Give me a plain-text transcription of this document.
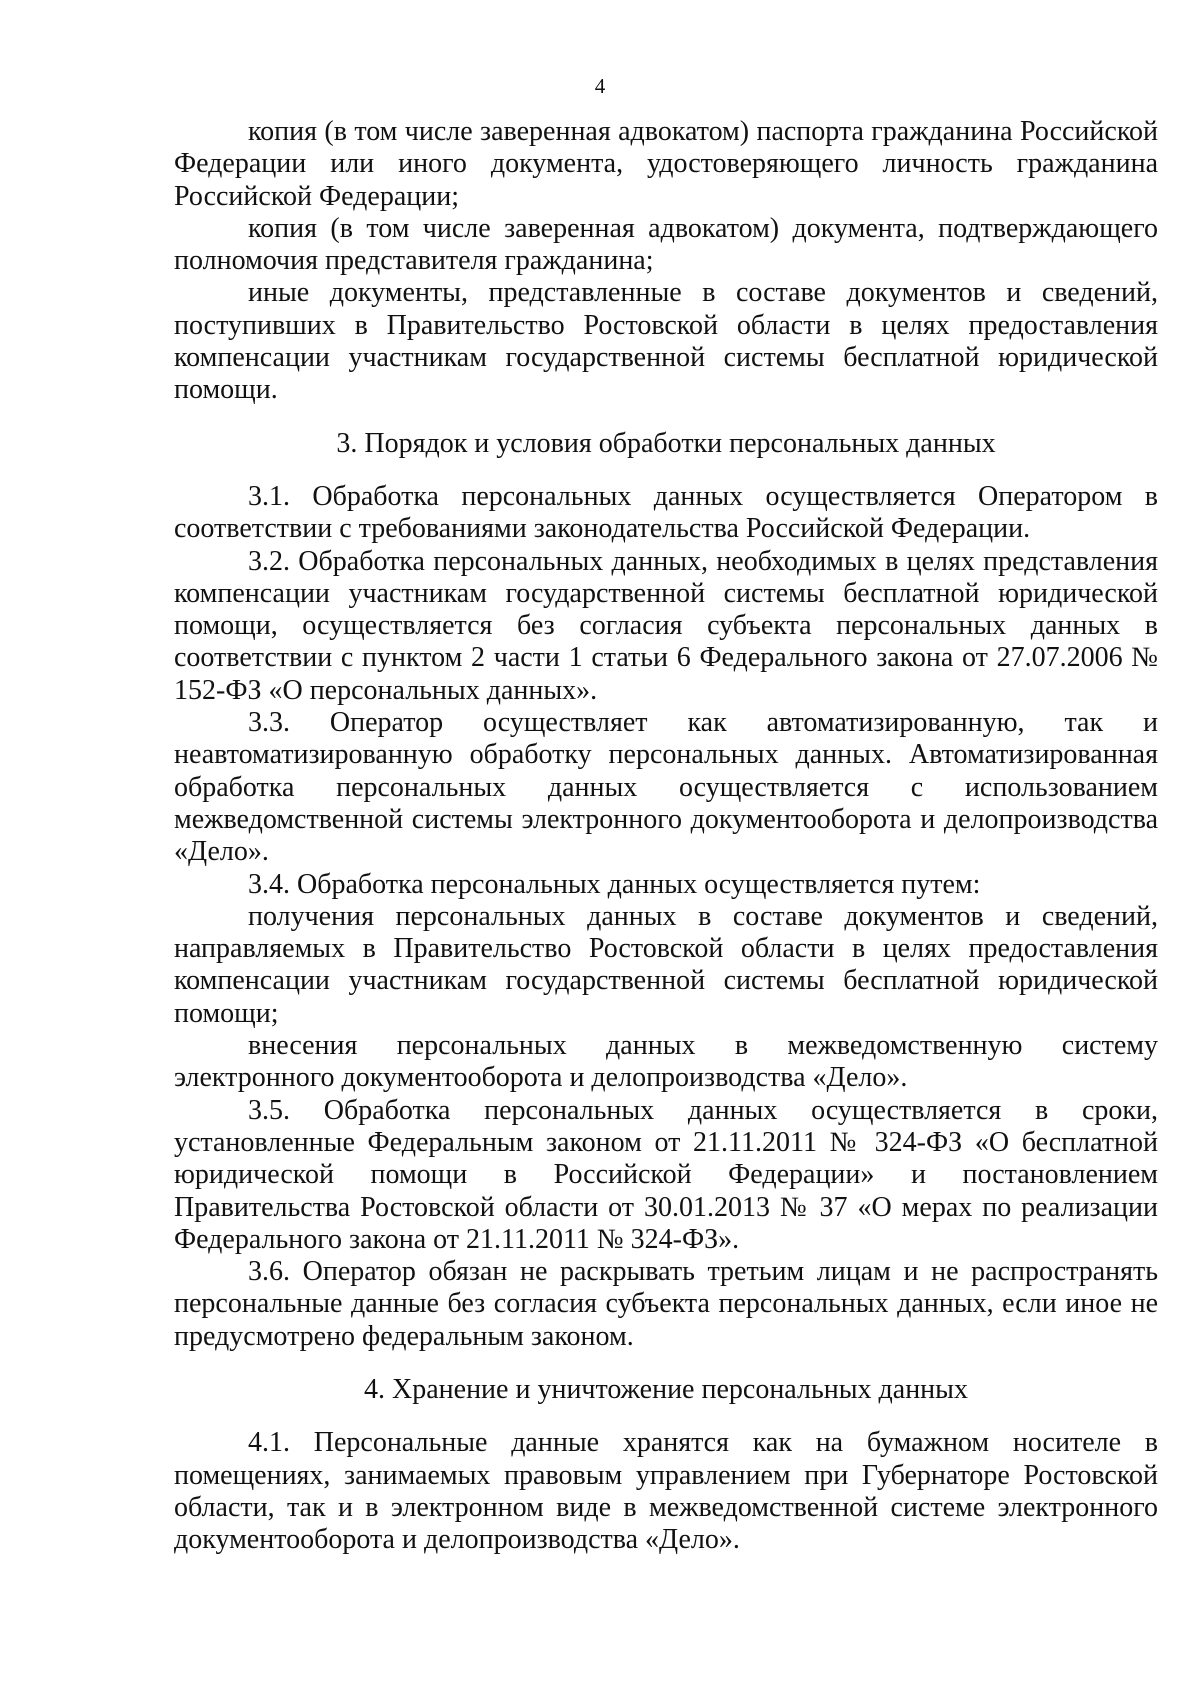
4

копия (в том числе заверенная адвокатом) паспорта гражданина Российской Федерации или иного документа, удостоверяющего личность гражданина Российской Федерации;

копия (в том числе заверенная адвокатом) документа, подтверждающего полномочия представителя гражданина;

иные документы, представленные в составе документов и сведений, поступивших в Правительство Ростовской области в целях предоставления компенсации участникам государственной системы бесплатной юридической помощи.

3. Порядок и условия обработки персональных данных

3.1. Обработка персональных данных осуществляется Оператором в соответствии с требованиями законодательства Российской Федерации.

3.2. Обработка персональных данных, необходимых в целях представления компенсации участникам государственной системы бесплатной юридической помощи, осуществляется без согласия субъекта персональных данных в соответствии с пунктом 2 части 1 статьи 6 Федерального закона от 27.07.2006 № 152-ФЗ «О персональных данных».

3.3. Оператор осуществляет как автоматизированную, так и неавтоматизированную обработку персональных данных. Автоматизированная обработка персональных данных осуществляется с использованием межведомственной системы электронного документооборота и делопроизводства «Дело».

3.4. Обработка персональных данных осуществляется путем:

получения персональных данных в составе документов и сведений, направляемых в Правительство Ростовской области в целях предоставления компенсации участникам государственной системы бесплатной юридической помощи;

внесения персональных данных в межведомственную систему электронного документооборота и делопроизводства «Дело».

3.5. Обработка персональных данных осуществляется в сроки, установленные Федеральным законом от 21.11.2011 № 324-ФЗ «О бесплатной юридической помощи в Российской Федерации» и постановлением Правительства Ростовской области от 30.01.2013 № 37 «О мерах по реализации Федерального закона от 21.11.2011 № 324-ФЗ».

3.6. Оператор обязан не раскрывать третьим лицам и не распространять персональные данные без согласия субъекта персональных данных, если иное не предусмотрено федеральным законом.

4. Хранение и уничтожение персональных данных

4.1. Персональные данные хранятся как на бумажном носителе в помещениях, занимаемых правовым управлением при Губернаторе Ростовской области, так и в электронном виде в межведомственной системе электронного документооборота и делопроизводства «Дело».
